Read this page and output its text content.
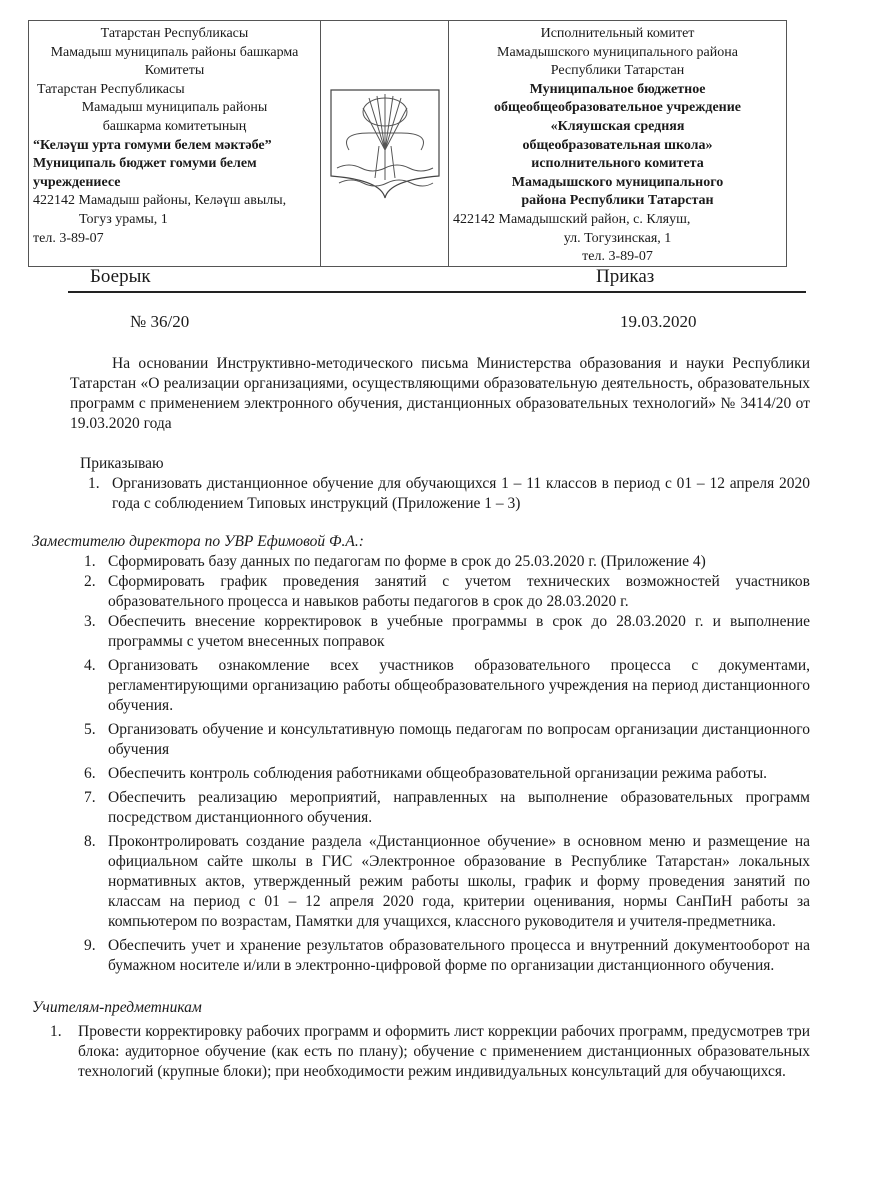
Татарстан Республикасы
Мамадыш муниципаль районы башкарма
Комитеты
Татарстан Республикасы
Мамадыш муниципаль районы
башкарма комитетының
“Келәүш урта гомуми белем мәктәбе”
Муниципаль бюджет гомуми белем
учреждениесе
422142 Мамадыш районы, Келәүш авылы,
Тогуз урамы, 1
тел. 3-89-07
Исполнительный комитет
Мамадышского муниципального района
Республики Татарстан
Муниципальное бюджетное
общеобщеобразовательное учреждение
«Кляушская средняя
общеобразовательная школа»
исполнительного комитета
Мамадышского муниципального
района Республики Татарстан
422142 Мамадышский район, с. Кляуш,
ул. Тогузинская, 1
тел. 3-89-07
Боерык	Приказ
№ 36/20	19.03.2020

На основании Инструктивно-методического письма Министерства образования и науки Республики Татарстан «О реализации организациями, осуществляющими образовательную деятельность, образовательных программ с применением электронного обучения, дистанционных образовательных технологий» № 3414/20 от 19.03.2020 года

Приказываю

1. Организовать дистанционное обучение для обучающихся 1 – 11 классов в период с 01 – 12 апреля 2020 года с соблюдением Типовых инструкций (Приложение 1 – 3)

Заместителю директора по УВР Ефимовой Ф.А.:

1. Сформировать базу данных по педагогам по форме в срок до 25.03.2020 г. (Приложение 4)
2. Сформировать график проведения занятий с учетом технических возможностей участников образовательного процесса и навыков работы педагогов в срок до 28.03.2020 г.
3. Обеспечить внесение корректировок в учебные программы в срок до 28.03.2020 г. и выполнение программы с учетом внесенных поправок
4. Организовать ознакомление всех участников образовательного процесса с документами, регламентирующими организацию работы общеобразовательного учреждения на период дистанционного обучения.
5. Организовать обучение и консультативную помощь педагогам по вопросам организации дистанционного обучения
6. Обеспечить контроль соблюдения работниками общеобразовательной организации режима работы.
7. Обеспечить реализацию мероприятий, направленных на выполнение образовательных программ посредством дистанционного обучения.
8. Проконтролировать создание раздела «Дистанционное обучение» в основном меню и размещение на официальном сайте школы в ГИС «Электронное образование в Республике Татарстан» локальных нормативных актов, утвержденный режим работы школы, график и форму проведения занятий по классам на период с 01 – 12 апреля 2020 года, критерии оценивания, нормы СанПиН работы за компьютером по возрастам, Памятки для учащихся, классного руководителя и учителя-предметника.
9. Обеспечить учет и хранение результатов образовательного процесса и внутренний документооборот на бумажном носителе и/или в электронно-цифровой форме по организации дистанционного обучения.

Учителям-предметникам

1.	Провести корректировку рабочих программ и оформить лист коррекции рабочих программ, предусмотрев три блока: аудиторное обучение (как есть по плану); обучение с применением дистанционных образовательных технологий (крупные блоки); при необходимости режим индивидуальных консультаций для обучающихся.
